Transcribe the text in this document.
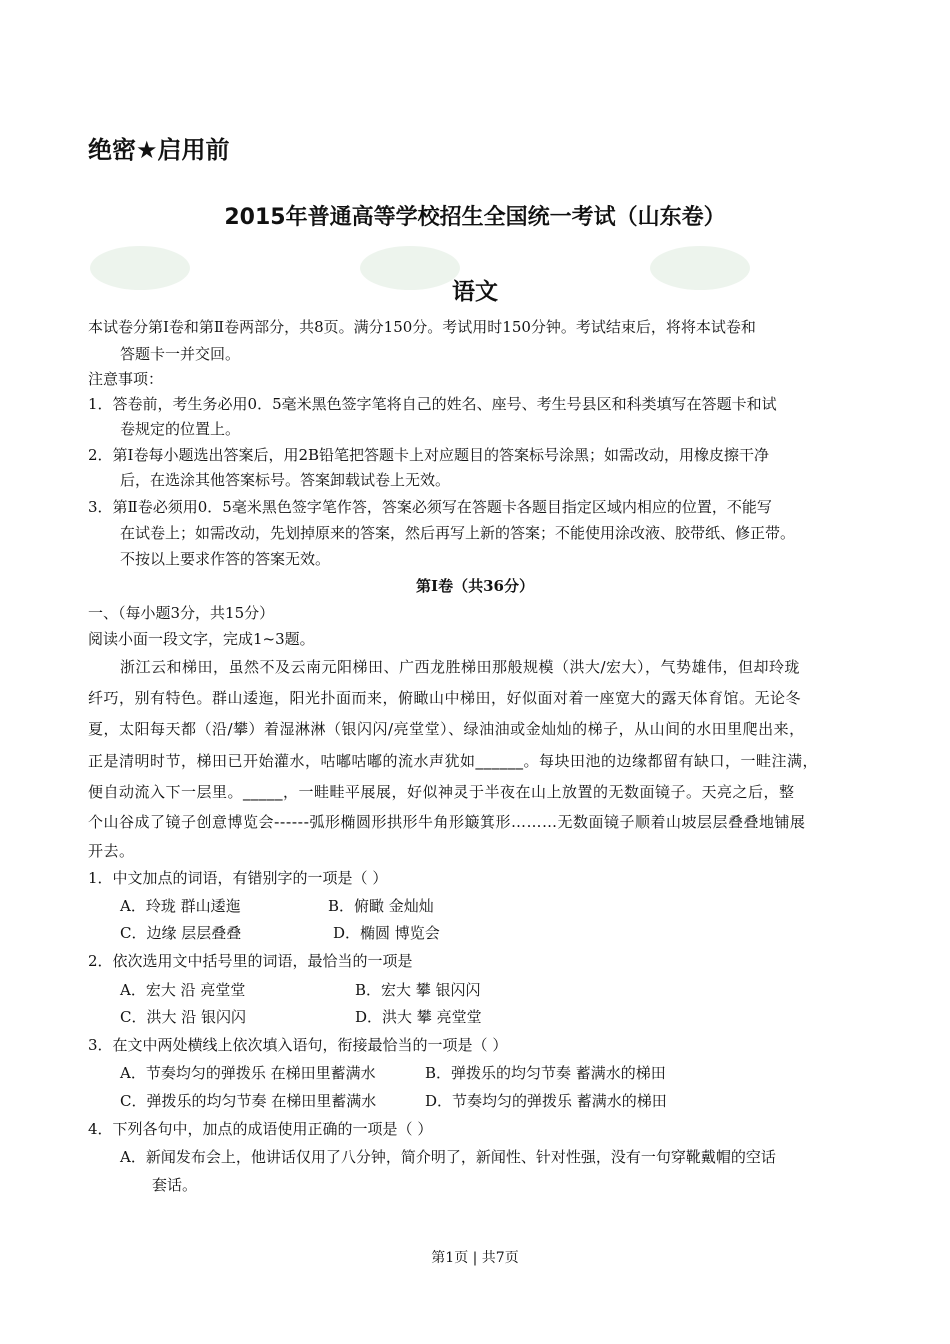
绝密★启用前
2015年普通高等学校招生全国统一考试（山东卷）
语文
本试卷分第Ⅰ卷和第Ⅱ卷两部分，共8页。满分150分。考试用时150分钟。考试结束后，将将本试卷和
答题卡一并交回。
注意事项：
1．答卷前，考生务必用0．5毫米黑色签字笔将自己的姓名、座号、考生号县区和科类填写在答题卡和试
卷规定的位置上。
2．第Ⅰ卷每小题选出答案后，用2B铅笔把答题卡上对应题目的答案标号涂黑；如需改动，用橡皮擦干净
后，在选涂其他答案标号。答案卸载试卷上无效。
3．第Ⅱ卷必须用0．5毫米黑色签字笔作答，答案必须写在答题卡各题目指定区域内相应的位置，不能写
在试卷上；如需改动，先划掉原来的答案，然后再写上新的答案；不能使用涂改液、胶带纸、修正带。
不按以上要求作答的答案无效。
第Ⅰ卷（共36分）
一、（每小题3分，共15分）
阅读小面一段文字，完成1~3题。
浙江云和梯田，虽然不及云南元阳梯田、广西龙胜梯田那般规模（洪大/宏大），气势雄伟，但却玲珑
纤巧，别有特色。群山逶迤，阳光扑面而来，俯瞰山中梯田，好似面对着一座宽大的露天体育馆。无论冬
夏，太阳每天都（沿/攀）着湿淋淋（银闪闪/亮堂堂）、绿油油或金灿灿的梯子，从山间的水田里爬出来，
正是清明时节，梯田已开始灌水，咕嘟咕嘟的流水声犹如______。每块田池的边缘都留有缺口，一畦注满，
便自动流入下一层里。_____，一畦畦平展展，好似神灵于半夜在山上放置的无数面镜子。天亮之后，整
个山谷成了镜子创意博览会------弧形椭圆形拱形牛角形簸箕形………无数面镜子顺着山坡层层叠叠地铺展
开去。
1．中文加点的词语，有错别字的一项是（ ）
A．玲珑 群山逶迤	B．俯瞰 金灿灿
C．边缘 层层叠叠	D．椭圆 博览会
2．依次选用文中括号里的词语，最恰当的一项是
A．宏大 沿 亮堂堂	B．宏大 攀 银闪闪
C．洪大 沿 银闪闪	D．洪大 攀 亮堂堂
3．在文中两处横线上依次填入语句，衔接最恰当的一项是（ ）
A．节奏均匀的弹拨乐 在梯田里蓄满水	B．弹拨乐的均匀节奏 蓄满水的梯田
C．弹拨乐的均匀节奏 在梯田里蓄满水	D．节奏均匀的弹拨乐 蓄满水的梯田
4．下列各句中，加点的成语使用正确的一项是（ ）
A．新闻发布会上，他讲话仅用了八分钟，简介明了，新闻性、针对性强，没有一句穿靴戴帽的空话
套话。
第1页 | 共7页
